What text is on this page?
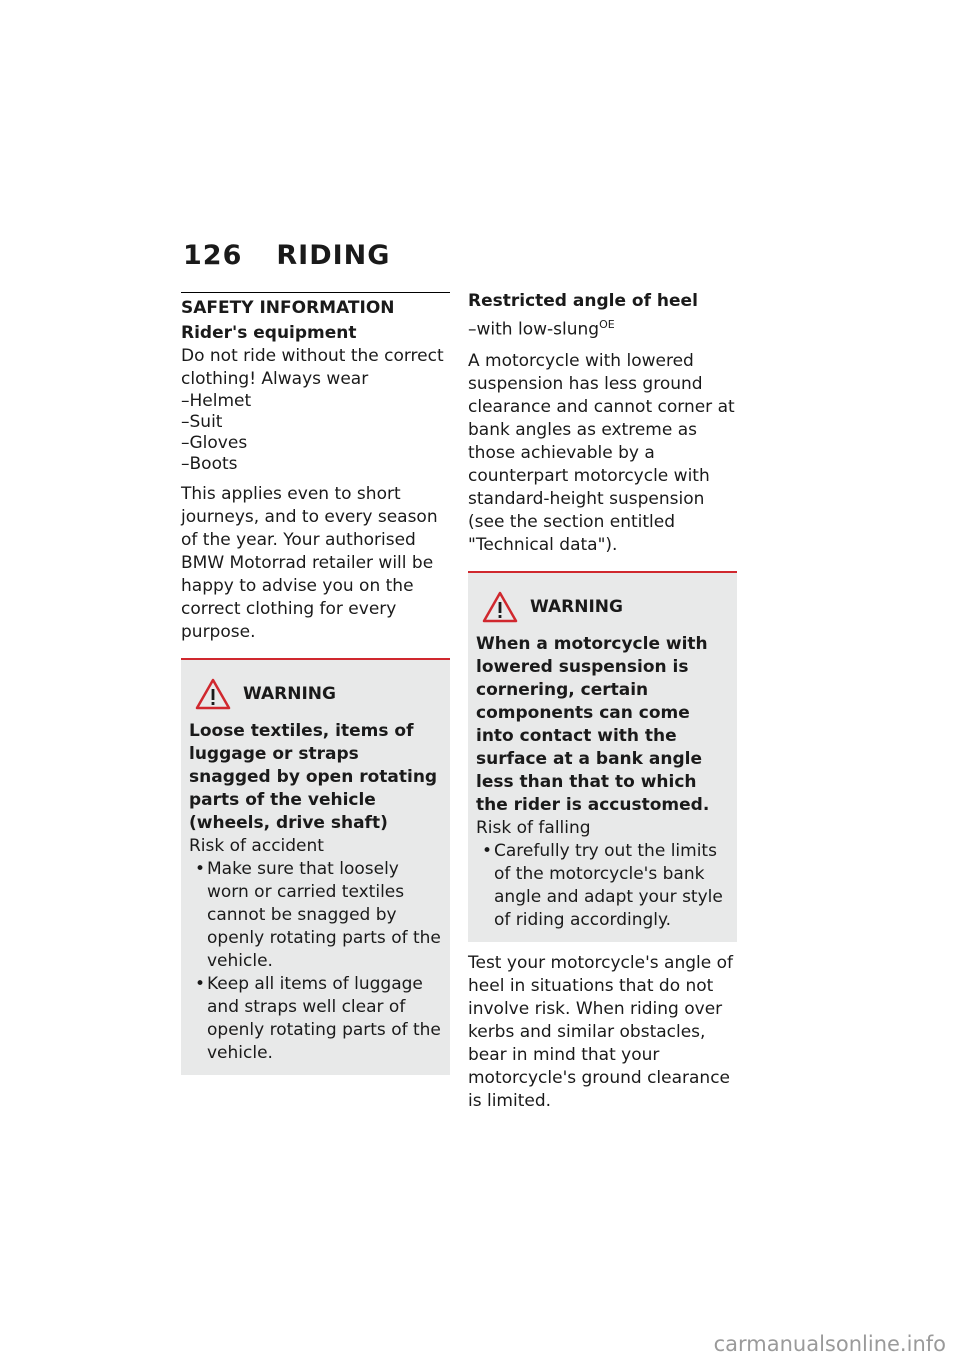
126 RIDING
SAFETY INFORMATION
Rider's equipment

Do not ride without the correct clothing! Always wear

– Helmet
– Suit
– Gloves
– Boots

This applies even to short journeys, and to every season of the year. Your authorised BMW Motorrad retailer will be happy to advise you on the correct clothing for every purpose.

WARNING

Loose textiles, items of luggage or straps snagged by open rotating parts of the vehicle (wheels, drive shaft)

Risk of accident

• Make sure that loosely worn or carried textiles cannot be snagged by openly rotating parts of the vehicle.
• Keep all items of luggage and straps well clear of openly rotating parts of the vehicle.
Restricted angle of heel

–with low-slung$^{OE}$

A motorcycle with lowered suspension has less ground clearance and cannot corner at bank angles as extreme as those achievable by a counterpart motorcycle with standard-height suspension (see the section entitled "Technical data").

WARNING

When a motorcycle with lowered suspension is cornering, certain components can come into contact with the surface at a bank angle less than that to which the rider is accustomed.

Risk of falling

• Carefully try out the limits of the motorcycle's bank angle and adapt your style of riding accordingly.

Test your motorcycle's angle of heel in situations that do not involve risk. When riding over kerbs and similar obstacles, bear in mind that your motorcycle's ground clearance is limited.

carmanualsonline.info
